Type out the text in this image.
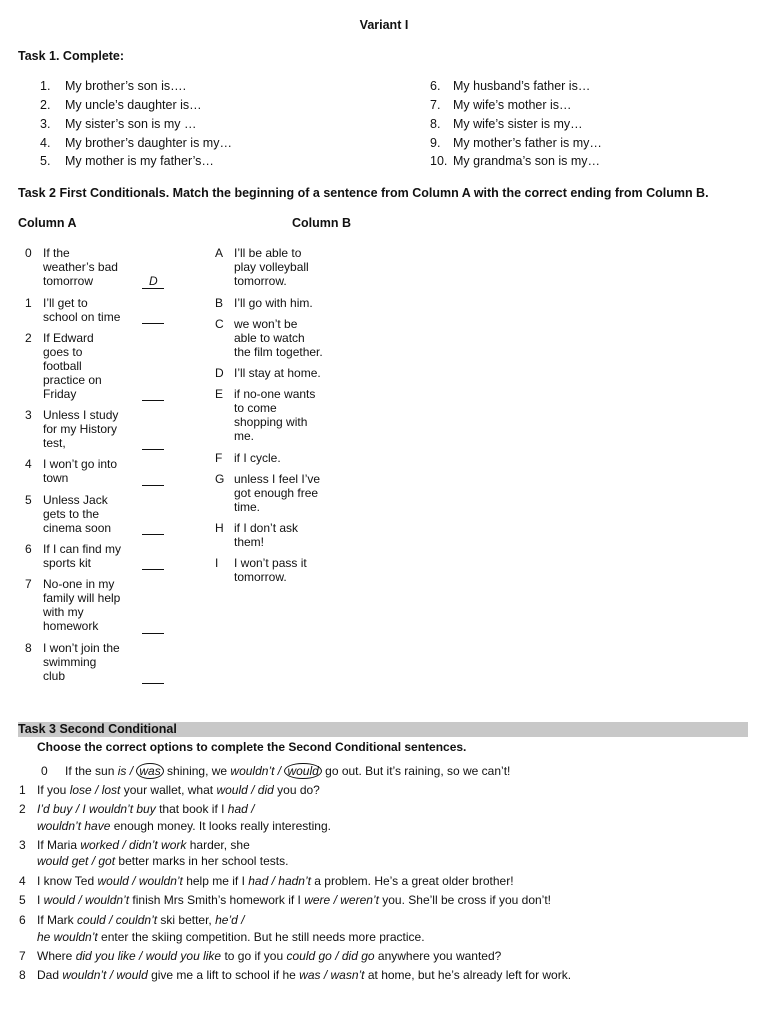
Variant I
Task 1. Complete:
1. My brother’s son is….
2. My uncle’s daughter is…
3. My sister’s son is my …
4. My brother’s daughter is my…
5. My mother is my father’s…
6. My husband’s father is…
7. My wife’s mother is…
8. My wife’s sister is my…
9. My mother’s father is my…
10. My grandma’s son is my…
Task 2 First Conditionals. Match the beginning of a sentence from Column A with the correct ending from Column B.
Column A	Column B
0 If the
weather’s bad
tomorrow	D
1 I’ll get to
school on time
2 If Edward
goes to
football
practice on
Friday
3 Unless I study
for my History
test,
4 I won’t go into
town
5 Unless Jack
gets to the
cinema soon
6 If I can find my
sports kit
7 No-one in my
family will help
with my
homework
8 I won’t join the
swimming
club
A I’ll be able to
play volleyball
tomorrow.
B I’ll go with him.
C we won’t be
able to watch
the film together.
D I’ll stay at home.
E if no-one wants
to come
shopping with
me.
F if I cycle.
G unless I feel I’ve
got enough free
time.
H if I don’t ask
them!
I I won’t pass it
tomorrow.
Task 3 Second Conditional
Choose the correct options to complete the Second Conditional sentences.
0 If the sun is / was shining, we wouldn’t / would go out. But it’s raining, so we can’t!
1 If you lose / lost your wallet, what would / did you do?
2 I’d buy / I wouldn’t buy that book if I had /
wouldn’t have enough money. It looks really interesting.
3 If Maria worked / didn’t work harder, she
would get / got better marks in her school tests.
4 I know Ted would / wouldn’t help me if I had / hadn’t a problem. He’s a great older brother!
5 I would / wouldn’t finish Mrs Smith’s homework if I were / weren’t you. She’ll be cross if you don’t!
6 If Mark could / couldn’t ski better, he’d /
he wouldn’t enter the skiing competition. But he still needs more practice.
7 Where did you like / would you like to go if you could go / did go anywhere you wanted?
8 Dad wouldn’t / would give me a lift to school if he was / wasn’t at home, but he’s already left for work.
